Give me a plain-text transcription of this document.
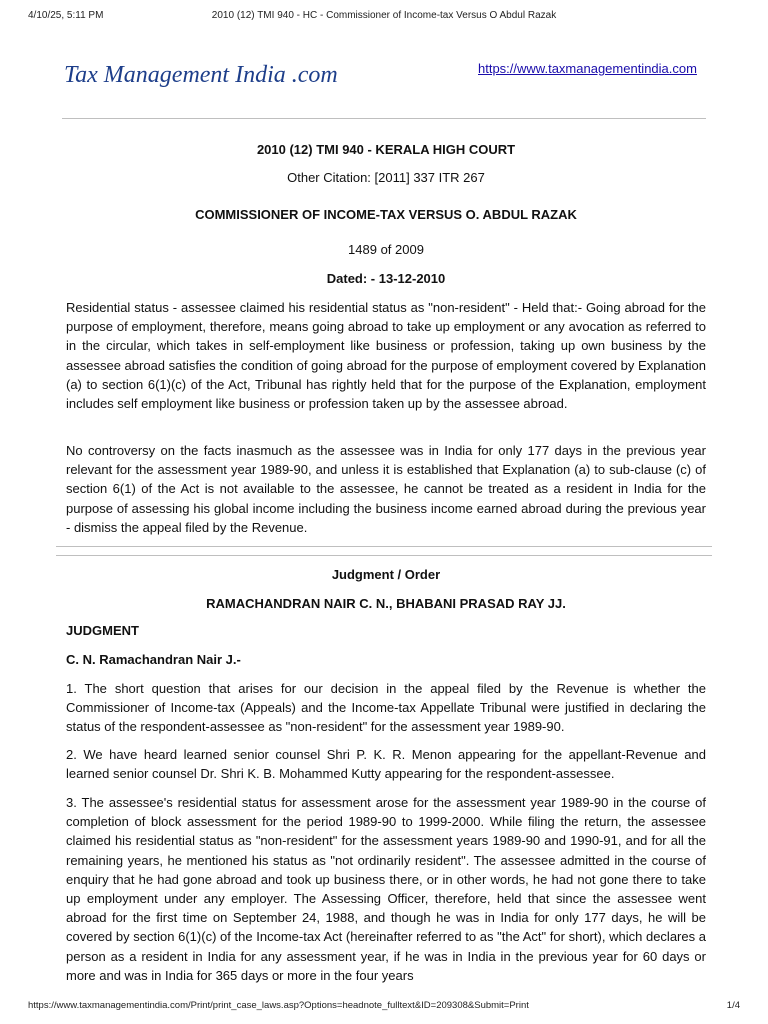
4/10/25, 5:11 PM	2010 (12) TMI 940 - HC - Commissioner of Income-tax Versus O Abdul Razak
Tax Management India .com	https://www.taxmanagementindia.com
2010 (12) TMI 940 - KERALA HIGH COURT
Other Citation: [2011] 337 ITR 267
COMMISSIONER OF INCOME-TAX VERSUS O. ABDUL RAZAK
1489 of 2009
Dated: - 13-12-2010

Residential status - assessee claimed his residential status as "non-resident" - Held that:- Going abroad for the purpose of employment, therefore, means going abroad to take up employment or any avocation as referred to in the circular, which takes in self-employment like business or profession, taking up own business by the assessee abroad satisfies the condition of going abroad for the purpose of employment covered by Explanation (a) to section 6(1)(c) of the Act, Tribunal has rightly held that for the purpose of the Explanation, employment includes self employment like business or profession taken up by the assessee abroad.

No controversy on the facts inasmuch as the assessee was in India for only 177 days in the previous year relevant for the assessment year 1989-90, and unless it is established that Explanation (a) to sub-clause (c) of section 6(1) of the Act is not available to the assessee, he cannot be treated as a resident in India for the purpose of assessing his global income including the business income earned abroad during the previous year - dismiss the appeal filed by the Revenue.

Judgment / Order
RAMACHANDRAN NAIR C. N., BHABANI PRASAD RAY JJ.
JUDGMENT
C. N. Ramachandran Nair J.-

1. The short question that arises for our decision in the appeal filed by the Revenue is whether the Commissioner of Income-tax (Appeals) and the Income-tax Appellate Tribunal were justified in declaring the status of the respondent-assessee as "non-resident" for the assessment year 1989-90.

2. We have heard learned senior counsel Shri P. K. R. Menon appearing for the appellant-Revenue and learned senior counsel Dr. Shri K. B. Mohammed Kutty appearing for the respondent-assessee.

3. The assessee's residential status for assessment arose for the assessment year 1989-90 in the course of completion of block assessment for the period 1989-90 to 1999-2000. While filing the return, the assessee claimed his residential status as "non-resident" for the assessment years 1989-90 and 1990-91, and for all the remaining years, he mentioned his status as "not ordinarily resident". The assessee admitted in the course of enquiry that he had gone abroad and took up business there, or in other words, he had not gone there to take up employment under any employer. The Assessing Officer, therefore, held that since the assessee went abroad for the first time on September 24, 1988, and though he was in India for only 177 days, he will be covered by section 6(1)(c) of the Income-tax Act (hereinafter referred to as "the Act" for short), which declares a person as a resident in India for any assessment year, if he was in India in the previous year for 60 days or more and was in India for 365 days or more in the four years

https://www.taxmanagementindia.com/Print/print_case_laws.asp?Options=headnote_fulltext&ID=209308&Submit=Print	1/4
